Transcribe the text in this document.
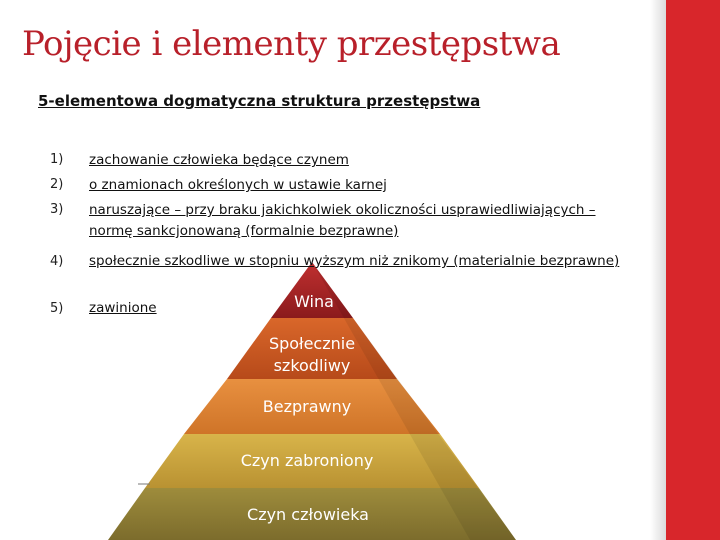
Pojęcie i elementy przestępstwa
5-elementowa dogmatyczna struktura przestępstwa
Wina
Społecznie
szkodliwy
Bezprawny
Czyn zabroniony
Czyn człowieka
1) zachowanie człowieka będące czynem
2) o znamionach określonych w ustawie karnej
3) naruszające – przy braku jakichkolwiek okoliczności usprawiedliwiających – normę sankcjonowaną (formalnie bezprawne)
4) społecznie szkodliwe w stopniu wyższym niż znikomy (materialnie bezprawne)
5) zawinione
